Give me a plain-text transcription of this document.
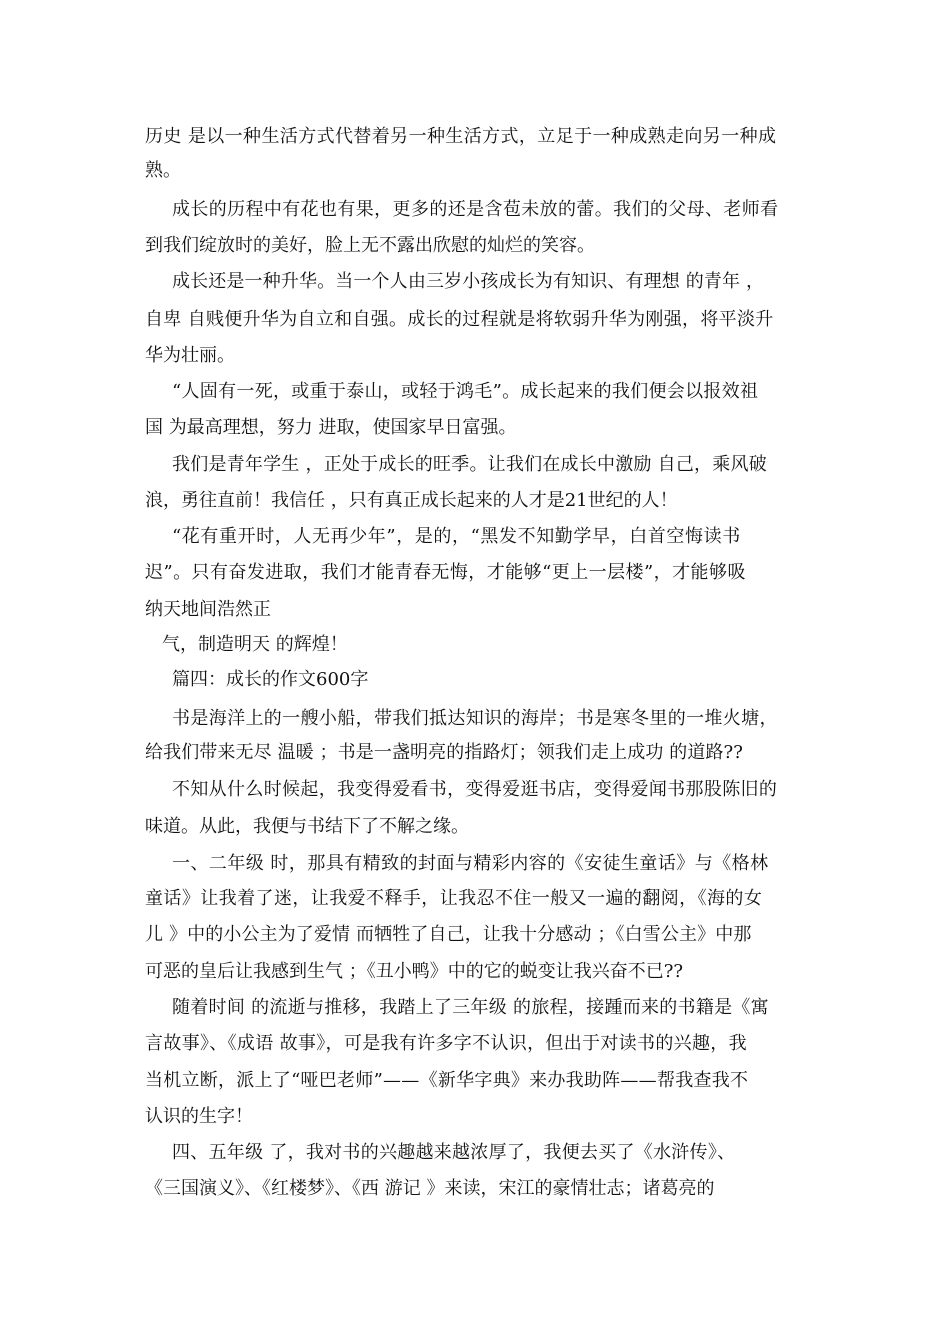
历史 是以一种生活方式代替着另一种生活方式，立足于一种成熟走向另一种成
熟。
成长的历程中有花也有果，更多的还是含苞未放的蕾。我们的父母、老师看
到我们绽放时的美好，脸上无不露出欣慰的灿烂的笑容。
成长还是一种升华。当一个人由三岁小孩成长为有知识、有理想 的青年 ，
自卑 自贱便升华为自立和自强。成长的过程就是将软弱升华为刚强，将平淡升
华为壮丽。
“人固有一死，或重于泰山，或轻于鸿毛”。成长起来的我们便会以报效祖
国 为最高理想，努力 进取，使国家早日富强。
我们是青年学生 ，正处于成长的旺季。让我们在成长中激励 自己，乘风破
浪，勇往直前！我信任 ，只有真正成长起来的人才是21世纪的人！
“花有重开时，人无再少年”，是的，“黑发不知勤学早，白首空悔读书
迟”。只有奋发进取，我们才能青春无悔，才能够“更上一层楼”，才能够吸
纳天地间浩然正
气，制造明天 的辉煌！
篇四：成长的作文600字
书是海洋上的一艘小船，带我们抵达知识的海岸；书是寒冬里的一堆火塘，
给我们带来无尽 温暖 ；书是一盏明亮的指路灯；领我们走上成功 的道路??
不知从什么时候起，我变得爱看书，变得爱逛书店，变得爱闻书那股陈旧的
味道。从此，我便与书结下了不解之缘。
一、二年级 时，那具有精致的封面与精彩内容的《安徒生童话》与《格林
童话》让我着了迷，让我爱不释手，让我忍不住一般又一遍的翻阅，《海的女
儿 》中的小公主为了爱情 而牺牲了自己，让我十分感动 ；《白雪公主》中那
可恶的皇后让我感到生气 ；《丑小鸭》中的它的蜕变让我兴奋不已??
随着时间 的流逝与推移，我踏上了三年级 的旅程，接踵而来的书籍是《寓
言故事》、《成语 故事》，可是我有许多字不认识，但出于对读书的兴趣，我
当机立断，派上了“哑巴老师”——《新华字典》来办我助阵——帮我查我不
认识的生字！
四、五年级 了，我对书的兴趣越来越浓厚了，我便去买了《水浒传》、
《三国演义》、《红楼梦》、《西 游记 》来读，宋江的豪情壮志；诸葛亮的
